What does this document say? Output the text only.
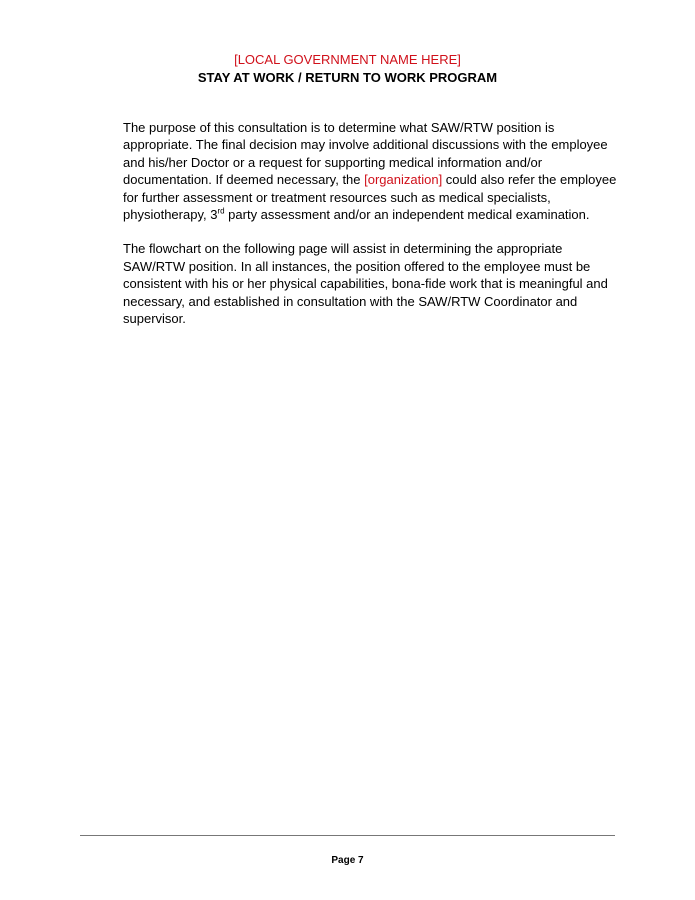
[LOCAL GOVERNMENT NAME HERE]
STAY AT WORK / RETURN TO WORK PROGRAM

The purpose of this consultation is to determine what SAW/RTW position is appropriate. The final decision may involve additional discussions with the employee and his/her Doctor or a request for supporting medical information and/or documentation. If deemed necessary, the [organization] could also refer the employee for further assessment or treatment resources such as medical specialists, physiotherapy, 3rd party assessment and/or an independent medical examination.

The flowchart on the following page will assist in determining the appropriate SAW/RTW position. In all instances, the position offered to the employee must be consistent with his or her physical capabilities, bona-fide work that is meaningful and necessary, and established in consultation with the SAW/RTW Coordinator and supervisor.

Page 7
